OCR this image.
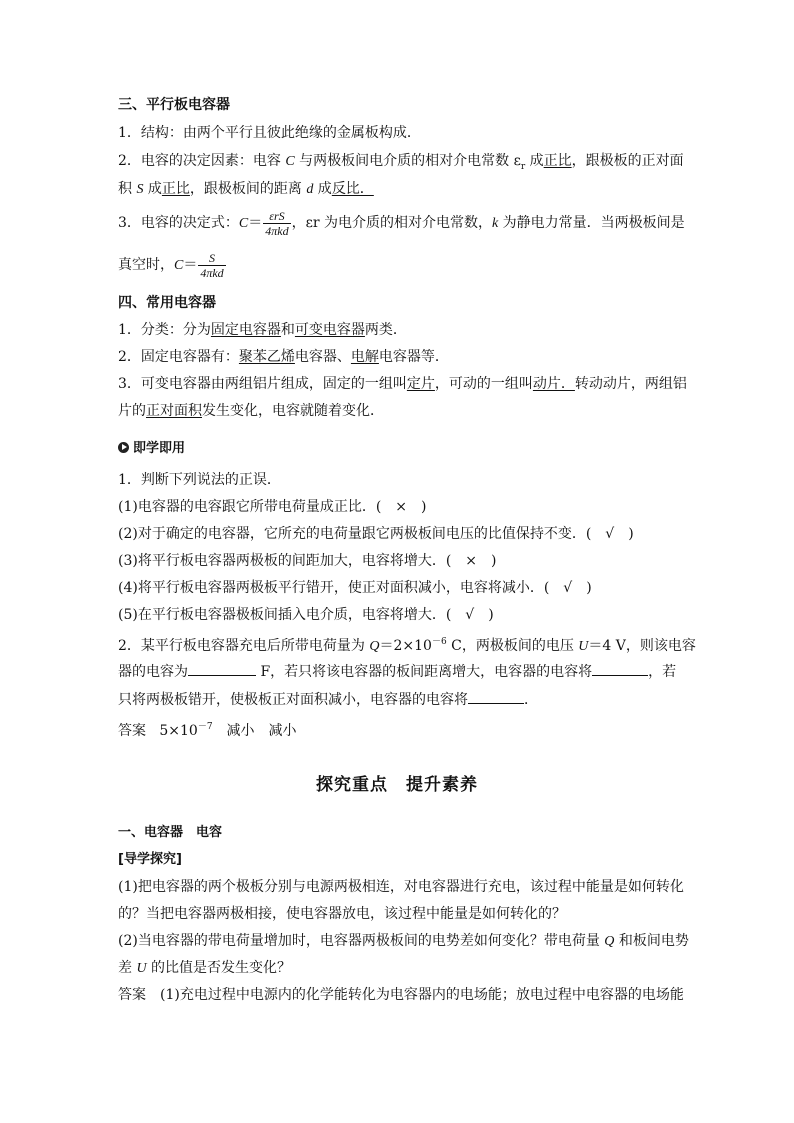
三、平行板电容器
1．结构：由两个平行且彼此绝缘的金属板构成．
2．电容的决定因素：电容 C 与两极板间电介质的相对介电常数 $\varepsilon_r$ 成正比，跟极板的正对面
积 S 成正比，跟极板间的距离 d 成反比．
3．电容的决定式：$C= \frac{\text{εrS}}{\text{4πkd}}$ ，εr 为电介质的相对介电常数，k 为静电力常量．当两极板间是
真空时，$C= \frac{S}{\text{4πkd}}$
四、常用电容器
1．分类：分为固定电容器和可变电容器两类．
2．固定电容器有：聚苯乙烯电容器、电解电容器等．
3．可变电容器由两组铝片组成，固定的一组叫定片，可动的一组叫动片．转动动片，两组铝
片的正对面积发生变化，电容就随着变化．
即学即用
1．判断下列说法的正误．
(1)电容器的电容跟它所带电荷量成正比．(　×　)
(2)对于确定的电容器，它所充的电荷量跟它两极板间电压的比值保持不变．(　√　)
(3)将平行板电容器两极板的间距加大，电容将增大．(　×　)
(4)将平行板电容器两极板平行错开，使正对面积减小，电容将减小．(　√　)
(5)在平行板电容器极板间插入电介质，电容将增大．(　√　)
2．某平行板电容器充电后所带电荷量为 $Q=2\times 10^{-6}$ C，两极板间的电压 U＝4 V，则该电容
器的电容为	F，若只将该电容器的板间距离增大，电容器的电容将	，若
只将两极板错开，使极板正对面积减小，电容器的电容将	．
答案 $5\times 10^{-7}$　减小　减小
探究重点　提升素养
一、电容器　电容
[导学探究]
(1)把电容器的两个极板分别与电源两极相连，对电容器进行充电，该过程中能量是如何转化
的？当把电容器两极相接，使电容器放电，该过程中能量是如何转化的？
(2)当电容器的带电荷量增加时，电容器两极板间的电势差如何变化？带电荷量 Q 和板间电势
差 U 的比值是否发生变化？
答案　(1)充电过程中电源内的化学能转化为电容器内的电场能；放电过程中电容器的电场能
